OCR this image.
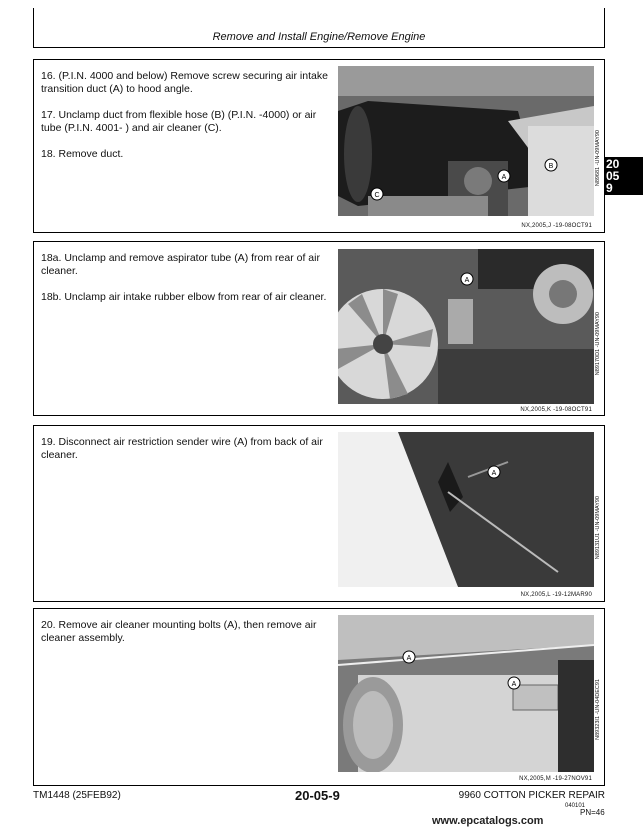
Remove and Install Engine/Remove Engine
20
05
9

16. (P.I.N. 4000 and below) Remove screw securing air intake transition duct (A) to hood angle.

17. Unclamp duct from flexible hose (B) (P.I.N. -4000) or air tube (P.I.N. 4001- ) and air cleaner (C).

18. Remove duct.

A
B
C
N89681 -UN-09MAY90
NX,2005,J -19-08OCT91

18a. Unclamp and remove aspirator tube (A) from rear of air cleaner.

18b. Unclamp air intake rubber elbow from rear of air cleaner.

A
N89170D1 -UN-09MAY90
NX,2005,K -19-08OCT91

19. Disconnect air restriction sender wire (A) from back of air cleaner.

A
N89131U1 -UN-09MAY90
NX,2005,L -19-12MAR90

20. Remove air cleaner mounting bolts (A), then remove air cleaner assembly.

A
A	N89323I1 -UN-04DEC91
NX,2005,M -19-27NOV91
TM1448 (25FEB92)	20-05-9	9960 COTTON PICKER REPAIR
040101
PN=46
www.epcatalogs.com
